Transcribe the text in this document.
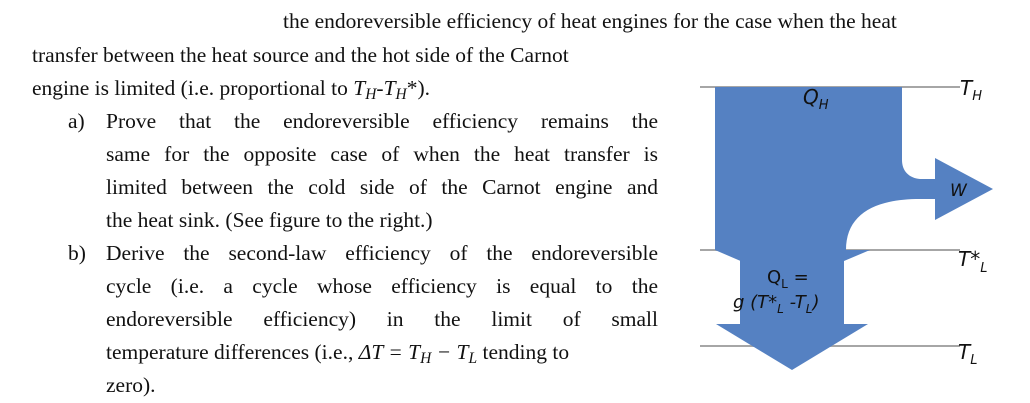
the endoreversible efficiency of heat engines for the case when the heat
transfer between the heat source and the hot side of the Carnot
engine is limited (i.e. proportional to $T_H-T_H*$).
a) Prove that the endoreversible efficiency remains the
same for the opposite case of when the heat transfer is
limited between the cold side of the Carnot engine and
the heat sink. (See figure to the right.)
b) Derive the second-law efficiency of the endoreversible
cycle (i.e. a cycle whose efficiency is equal to the
endoreversible efficiency) in the limit of small
temperature differences (i.e., $\Delta T = T_H - T_L$ tending to
zero).
$Q_H$
$T_H$
W
$T*_L$
$Q_L$ =
g ($T*_L$ $-T_L$)
$T_L$
